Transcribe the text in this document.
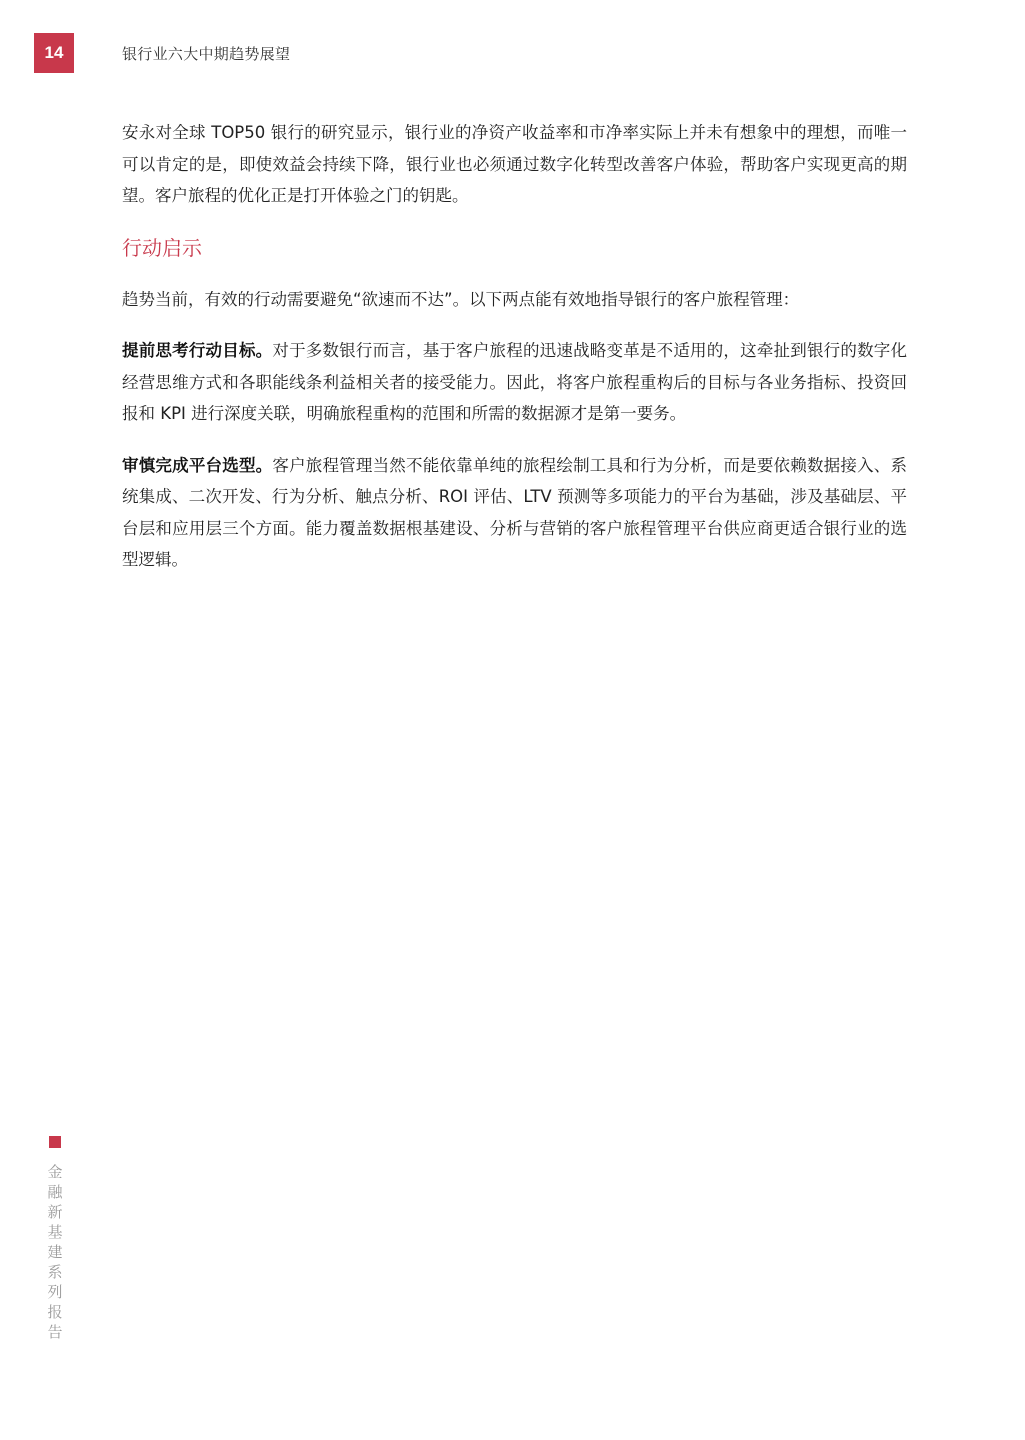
14	银行业六大中期趋势展望

安永对全球 TOP50 银行的研究显示，银行业的净资产收益率和市净率实际上并未有想象中的理想，而唯一可以肯定的是，即使效益会持续下降，银行业也必须通过数字化转型改善客户体验，帮助客户实现更高的期望。客户旅程的优化正是打开体验之门的钥匙。

行动启示

趋势当前，有效的行动需要避免“欲速而不达”。以下两点能有效地指导银行的客户旅程管理：

提前思考行动目标。对于多数银行而言，基于客户旅程的迅速战略变革是不适用的，这牵扯到银行的数字化经营思维方式和各职能线条利益相关者的接受能力。因此，将客户旅程重构后的目标与各业务指标、投资回报和 KPI 进行深度关联，明确旅程重构的范围和所需的数据源才是第一要务。

审慎完成平台选型。客户旅程管理当然不能依靠单纯的旅程绘制工具和行为分析，而是要依赖数据接入、系统集成、二次开发、行为分析、触点分析、ROI 评估、LTV 预测等多项能力的平台为基础，涉及基础层、平台层和应用层三个方面。能力覆盖数据根基建设、分析与营销的客户旅程管理平台供应商更适合银行业的选型逻辑。

金融新基建系列报告
